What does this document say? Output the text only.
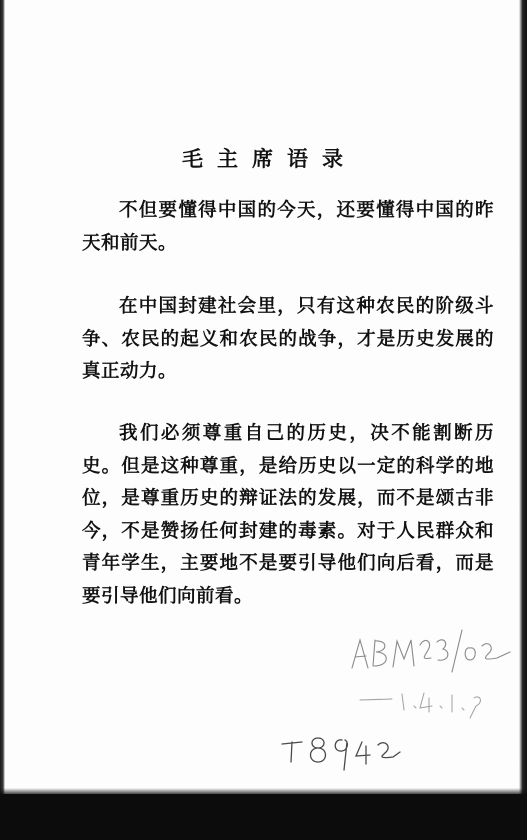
毛主席语录
不但要懂得中国的今天，还要懂得中国的昨天和前天。
在中国封建社会里，只有这种农民的阶级斗争、农民的起义和农民的战争，才是历史发展的真正动力。
我们必须尊重自己的历史，决不能割断历史。但是这种尊重，是给历史以一定的科学的地位，是尊重历史的辩证法的发展，而不是颂古非今，不是赞扬任何封建的毒素。对于人民群众和青年学生，主要地不是要引导他们向后看，而是要引导他们向前看。
